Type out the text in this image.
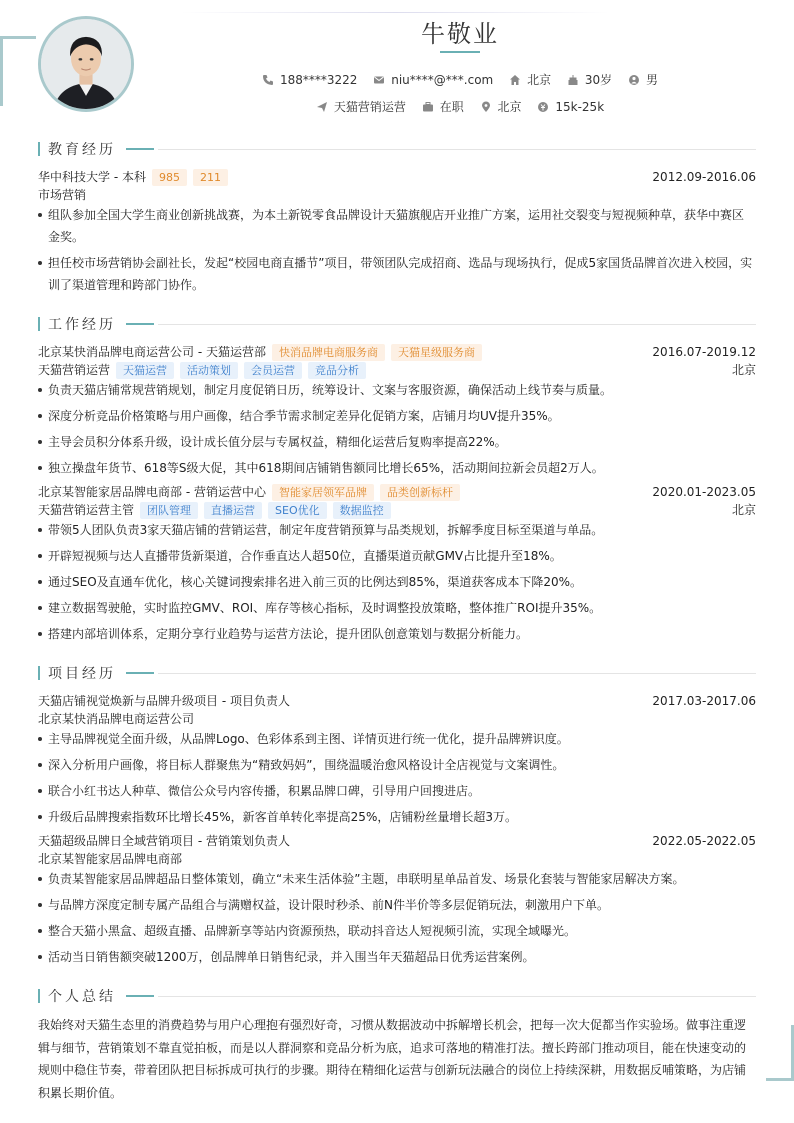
牛敬业
188****3222
	niu****@***.com
	北京
	30岁
	男
天猫营销运营
	在职
	北京
	15k-25k
教育经历
华中科技大学 - 本科	985	211	2012.09-2016.06
市场营销
组队参加全国大学生商业创新挑战赛，为本土新锐零食品牌设计天猫旗舰店开业推广方案，运用社交裂变与短视频种草，获华中赛区
金奖。
担任校市场营销协会副社长，发起“校园电商直播节”项目，带领团队完成招商、选品与现场执行，促成5家国货品牌首次进入校园，实
训了渠道管理和跨部门协作。
工作经历
北京某快消品牌电商运营公司 - 天猫运营部	快消品牌电商服务商	天猫星级服务商	2016.07-2019.12
天猫营销运营	天猫运营	活动策划	会员运营	竞品分析	北京
负责天猫店铺常规营销规划，制定月度促销日历，统筹设计、文案与客服资源，确保活动上线节奏与质量。
深度分析竞品价格策略与用户画像，结合季节需求制定差异化促销方案，店铺月均UV提升35%。
主导会员积分体系升级，设计成长值分层与专属权益，精细化运营后复购率提高22%。
独立操盘年货节、618等S级大促，其中618期间店铺销售额同比增长65%，活动期间拉新会员超2万人。
北京某智能家居品牌电商部 - 营销运营中心	智能家居领军品牌	品类创新标杆	2020.01-2023.05
天猫营销运营主管	团队管理	直播运营	SEO优化	数据监控	北京
带领5人团队负责3家天猫店铺的营销运营，制定年度营销预算与品类规划，拆解季度目标至渠道与单品。
开辟短视频与达人直播带货新渠道，合作垂直达人超50位，直播渠道贡献GMV占比提升至18%。
通过SEO及直通车优化，核心关键词搜索排名进入前三页的比例达到85%，渠道获客成本下降20%。
建立数据驾驶舱，实时监控GMV、ROI、库存等核心指标，及时调整投放策略，整体推广ROI提升35%。
搭建内部培训体系，定期分享行业趋势与运营方法论，提升团队创意策划与数据分析能力。
项目经历
天猫店铺视觉焕新与品牌升级项目 - 项目负责人	2017.03-2017.06
北京某快消品牌电商运营公司
主导品牌视觉全面升级，从品牌Logo、色彩体系到主图、详情页进行统一优化，提升品牌辨识度。
深入分析用户画像，将目标人群聚焦为“精致妈妈”，围绕温暖治愈风格设计全店视觉与文案调性。
联合小红书达人种草、微信公众号内容传播，积累品牌口碑，引导用户回搜进店。
升级后品牌搜索指数环比增长45%，新客首单转化率提高25%，店铺粉丝量增长超3万。
天猫超级品牌日全域营销项目 - 营销策划负责人	2022.05-2022.05
北京某智能家居品牌电商部
负责某智能家居品牌超品日整体策划，确立“未来生活体验”主题，串联明星单品首发、场景化套装与智能家居解决方案。
与品牌方深度定制专属产品组合与满赠权益，设计限时秒杀、前N件半价等多层促销玩法，刺激用户下单。
整合天猫小黑盒、超级直播、品牌新享等站内资源预热，联动抖音达人短视频引流，实现全域曝光。
活动当日销售额突破1200万，创品牌单日销售纪录，并入围当年天猫超品日优秀运营案例。
个人总结
我始终对天猫生态里的消费趋势与用户心理抱有强烈好奇，习惯从数据波动中拆解增长机会，把每一次大促都当作实验场。做事注重逻
辑与细节，营销策划不靠直觉拍板，而是以人群洞察和竞品分析为底，追求可落地的精准打法。擅长跨部门推动项目，能在快速变动的
规则中稳住节奏，带着团队把目标拆成可执行的步骤。期待在精细化运营与创新玩法融合的岗位上持续深耕，用数据反哺策略，为店铺
积累长期价值。
